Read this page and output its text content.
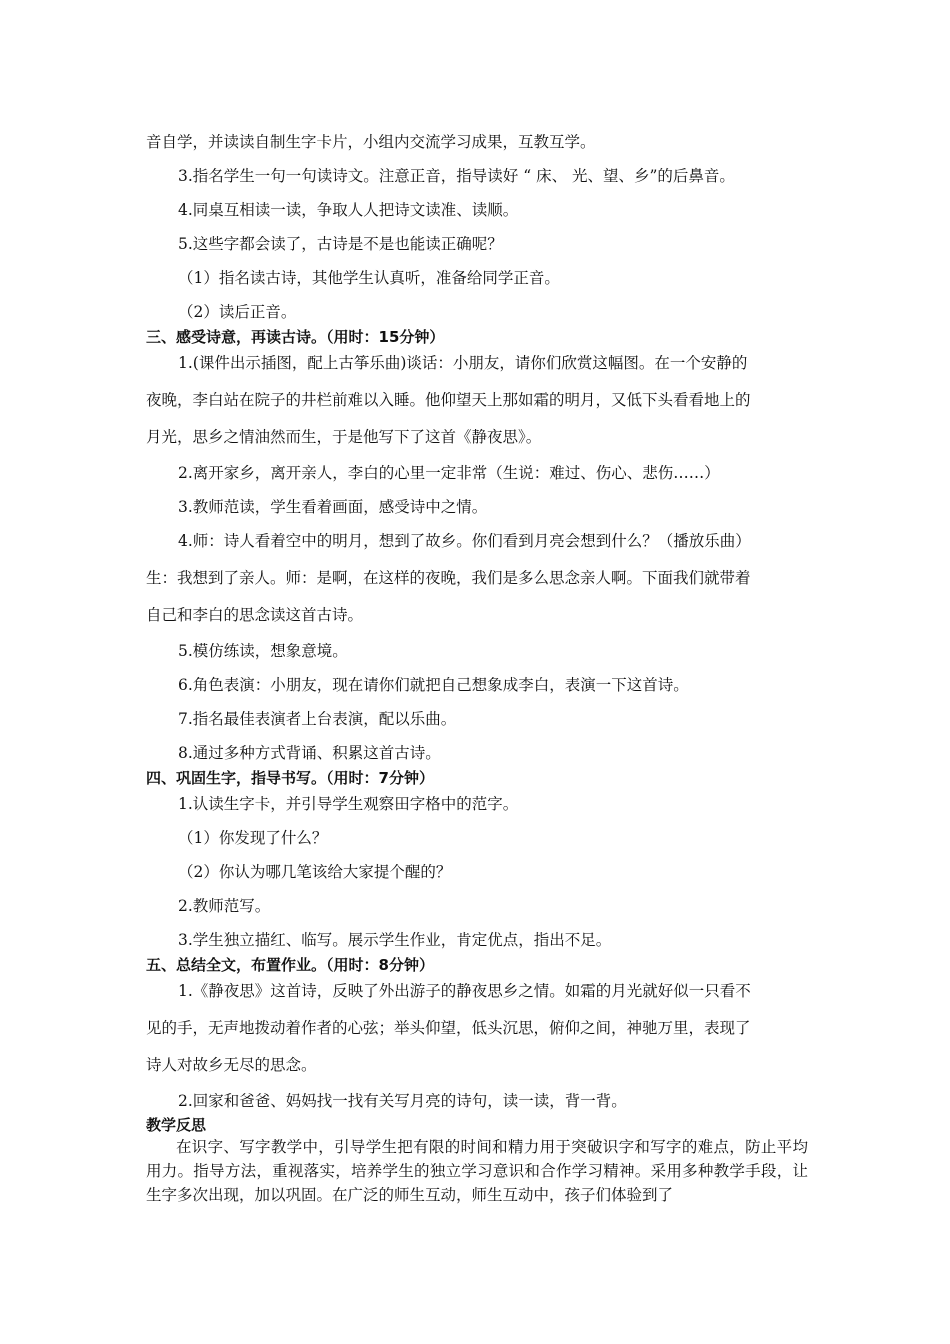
音自学，并读读自制生字卡片，小组内交流学习成果，互教互学。
3.指名学生一句一句读诗文。注意正音，指导读好 “ 床、 光、望、乡”的后鼻音。
4.同桌互相读一读，争取人人把诗文读准、读顺。
5.这些字都会读了，古诗是不是也能读正确呢？
（1）指名读古诗，其他学生认真听，准备给同学正音。
（2）读后正音。
三、感受诗意，再读古诗。（用时：15分钟）
1.(课件出示插图，配上古筝乐曲)谈话：小朋友，请你们欣赏这幅图。在一个安静的
夜晚，李白站在院子的井栏前难以入睡。他仰望天上那如霜的明月，又低下头看看地上的
月光，思乡之情油然而生，于是他写下了这首《静夜思》。
2.离开家乡，离开亲人，李白的心里一定非常（生说：难过、伤心、悲伤……）
3.教师范读，学生看着画面，感受诗中之情。
4.师：诗人看着空中的明月，想到了故乡。你们看到月亮会想到什么？（播放乐曲）
生：我想到了亲人。师：是啊，在这样的夜晚，我们是多么思念亲人啊。下面我们就带着
自己和李白的思念读这首古诗。
5.模仿练读，想象意境。
6.角色表演：小朋友，现在请你们就把自己想象成李白，表演一下这首诗。
7.指名最佳表演者上台表演，配以乐曲。
8.通过多种方式背诵、积累这首古诗。
四、巩固生字，指导书写。（用时：7分钟）
1.认读生字卡，并引导学生观察田字格中的范字。
（1）你发现了什么？
（2）你认为哪几笔该给大家提个醒的？
2.教师范写。
3.学生独立描红、临写。展示学生作业，肯定优点，指出不足。
五、总结全文，布置作业。（用时：8分钟）
1.《静夜思》这首诗，反映了外出游子的静夜思乡之情。如霜的月光就好似一只看不
见的手，无声地拨动着作者的心弦；举头仰望，低头沉思，俯仰之间，神驰万里，表现了
诗人对故乡无尽的思念。
2.回家和爸爸、妈妈找一找有关写月亮的诗句，读一读，背一背。
教学反思
在识字、写字教学中，引导学生把有限的时间和精力用于突破识字和写字的难点，防止平均用力。指导方法，重视落实，培养学生的独立学习意识和合作学习精神。采用多种教学手段，让生字多次出现，加以巩固。在广泛的师生互动，师生互动中，孩子们体验到了
